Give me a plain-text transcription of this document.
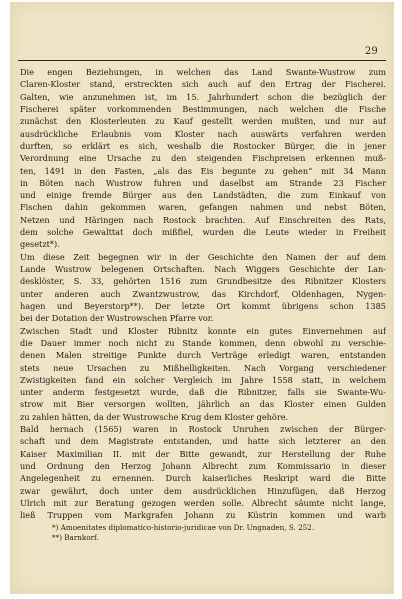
29
Die engen Beziehungen, in welchen das Land Swante-Wustrow zum
Claren-Kloster stand, erstreckten sich auch auf den Ertrag der Fischerei.
Galten, wie anzunehmen ist, im 15. Jahrhundert schon die bezüglich der
Fischerei später vorkommenden Bestimmungen, nach welchen die Fische
zunächst den Klosterleuten zu Kauf gestellt werden mußten, und nur auf
ausdrückliche Erlaubnis vom Kloster nach auswärts verfahren werden
durften, so erklärt es sich, weshalb die Rostocker Bürger, die in jener
Verordnung eine Ursache zu den steigenden Fischpreisen erkennen muß-
ten, 1491 in den Fasten, „als das Eis begunte zu gehen“ mit 34 Mann
in Böten nach Wustrow fuhren und daselbst am Strande 23 Fischer
und einige fremde Bürger aus den Landstädten, die zum Einkauf von
Fischen dahin gekommen waren, gefangen nahmen und nebst Böten,
Netzen und Häringen nach Rostock brachten. Auf Einschreiten des Rats,
dem solche Gewalttat doch mißfiel, wurden die Leute wieder in Freiheit
gesetzt*).
Um diese Zeit begegnen wir in der Geschichte den Namen der auf dem
Lande Wustrow belegenen Ortschaften. Nach Wiggers Geschichte der Lan-
desklöster, S. 33, gehörten 1516 zum Grundbesitze des Ribnitzer Klosters
unter anderen auch Zwantzwustrow, das Kirchdorf, Oldenhagen, Nygen-
hagen und Beyerstorp**). Der letzte Ort kommt übrigens schon 1385
bei der Dotation der Wustrowschen Pfarre vor.
Zwischen Stadt und Kloster Ribnitz konnte ein gutes Einvernehmen auf
die Dauer immer noch nicht zu Stande kommen, denn obwohl zu verschie-
denen Malen streitige Punkte durch Verträge erledigt waren, entstanden
stets neue Ursachen zu Mißhelligkeiten. Nach Vorgang verschiedener
Zwistigkeiten fand ein solcher Vergleich im Jahre 1558 statt, in welchem
unter anderm festgesetzt wurde, daß die Ribnitzer, falls sie Swante-Wu-
strow mit Bier versorgen wollten, jährlich an das Kloster einen Gulden
zu zahlen hätten, da der Wustrowsche Krug dem Kloster gehöre.
Bald hernach (1565) waren in Rostock Unruhen zwischen der Bürger-
schaft und dem Magistrate entstanden, und hatte sich letzterer an den
Kaiser Maximilian II. mit der Bitte gewandt, zur Herstellung der Ruhe
und Ordnung den Herzog Johann Albrecht zum Kommissario in dieser
Angelegenheit zu ernennen. Durch kaiserliches Reskript ward die Bitte
zwar gewährt, doch unter dem ausdrücklichen Hinzufügen, daß Herzog
Ulrich mit zur Beratung gezogen werden solle. Albrecht säumte nicht lange,
ließ Truppen vom Markgrafen Johann zu Küstrin kommen und warb
*) Amoenitates diplomatico-historio-juridicae von Dr. Ungnaden, S. 252.
**) Barnkorf.
